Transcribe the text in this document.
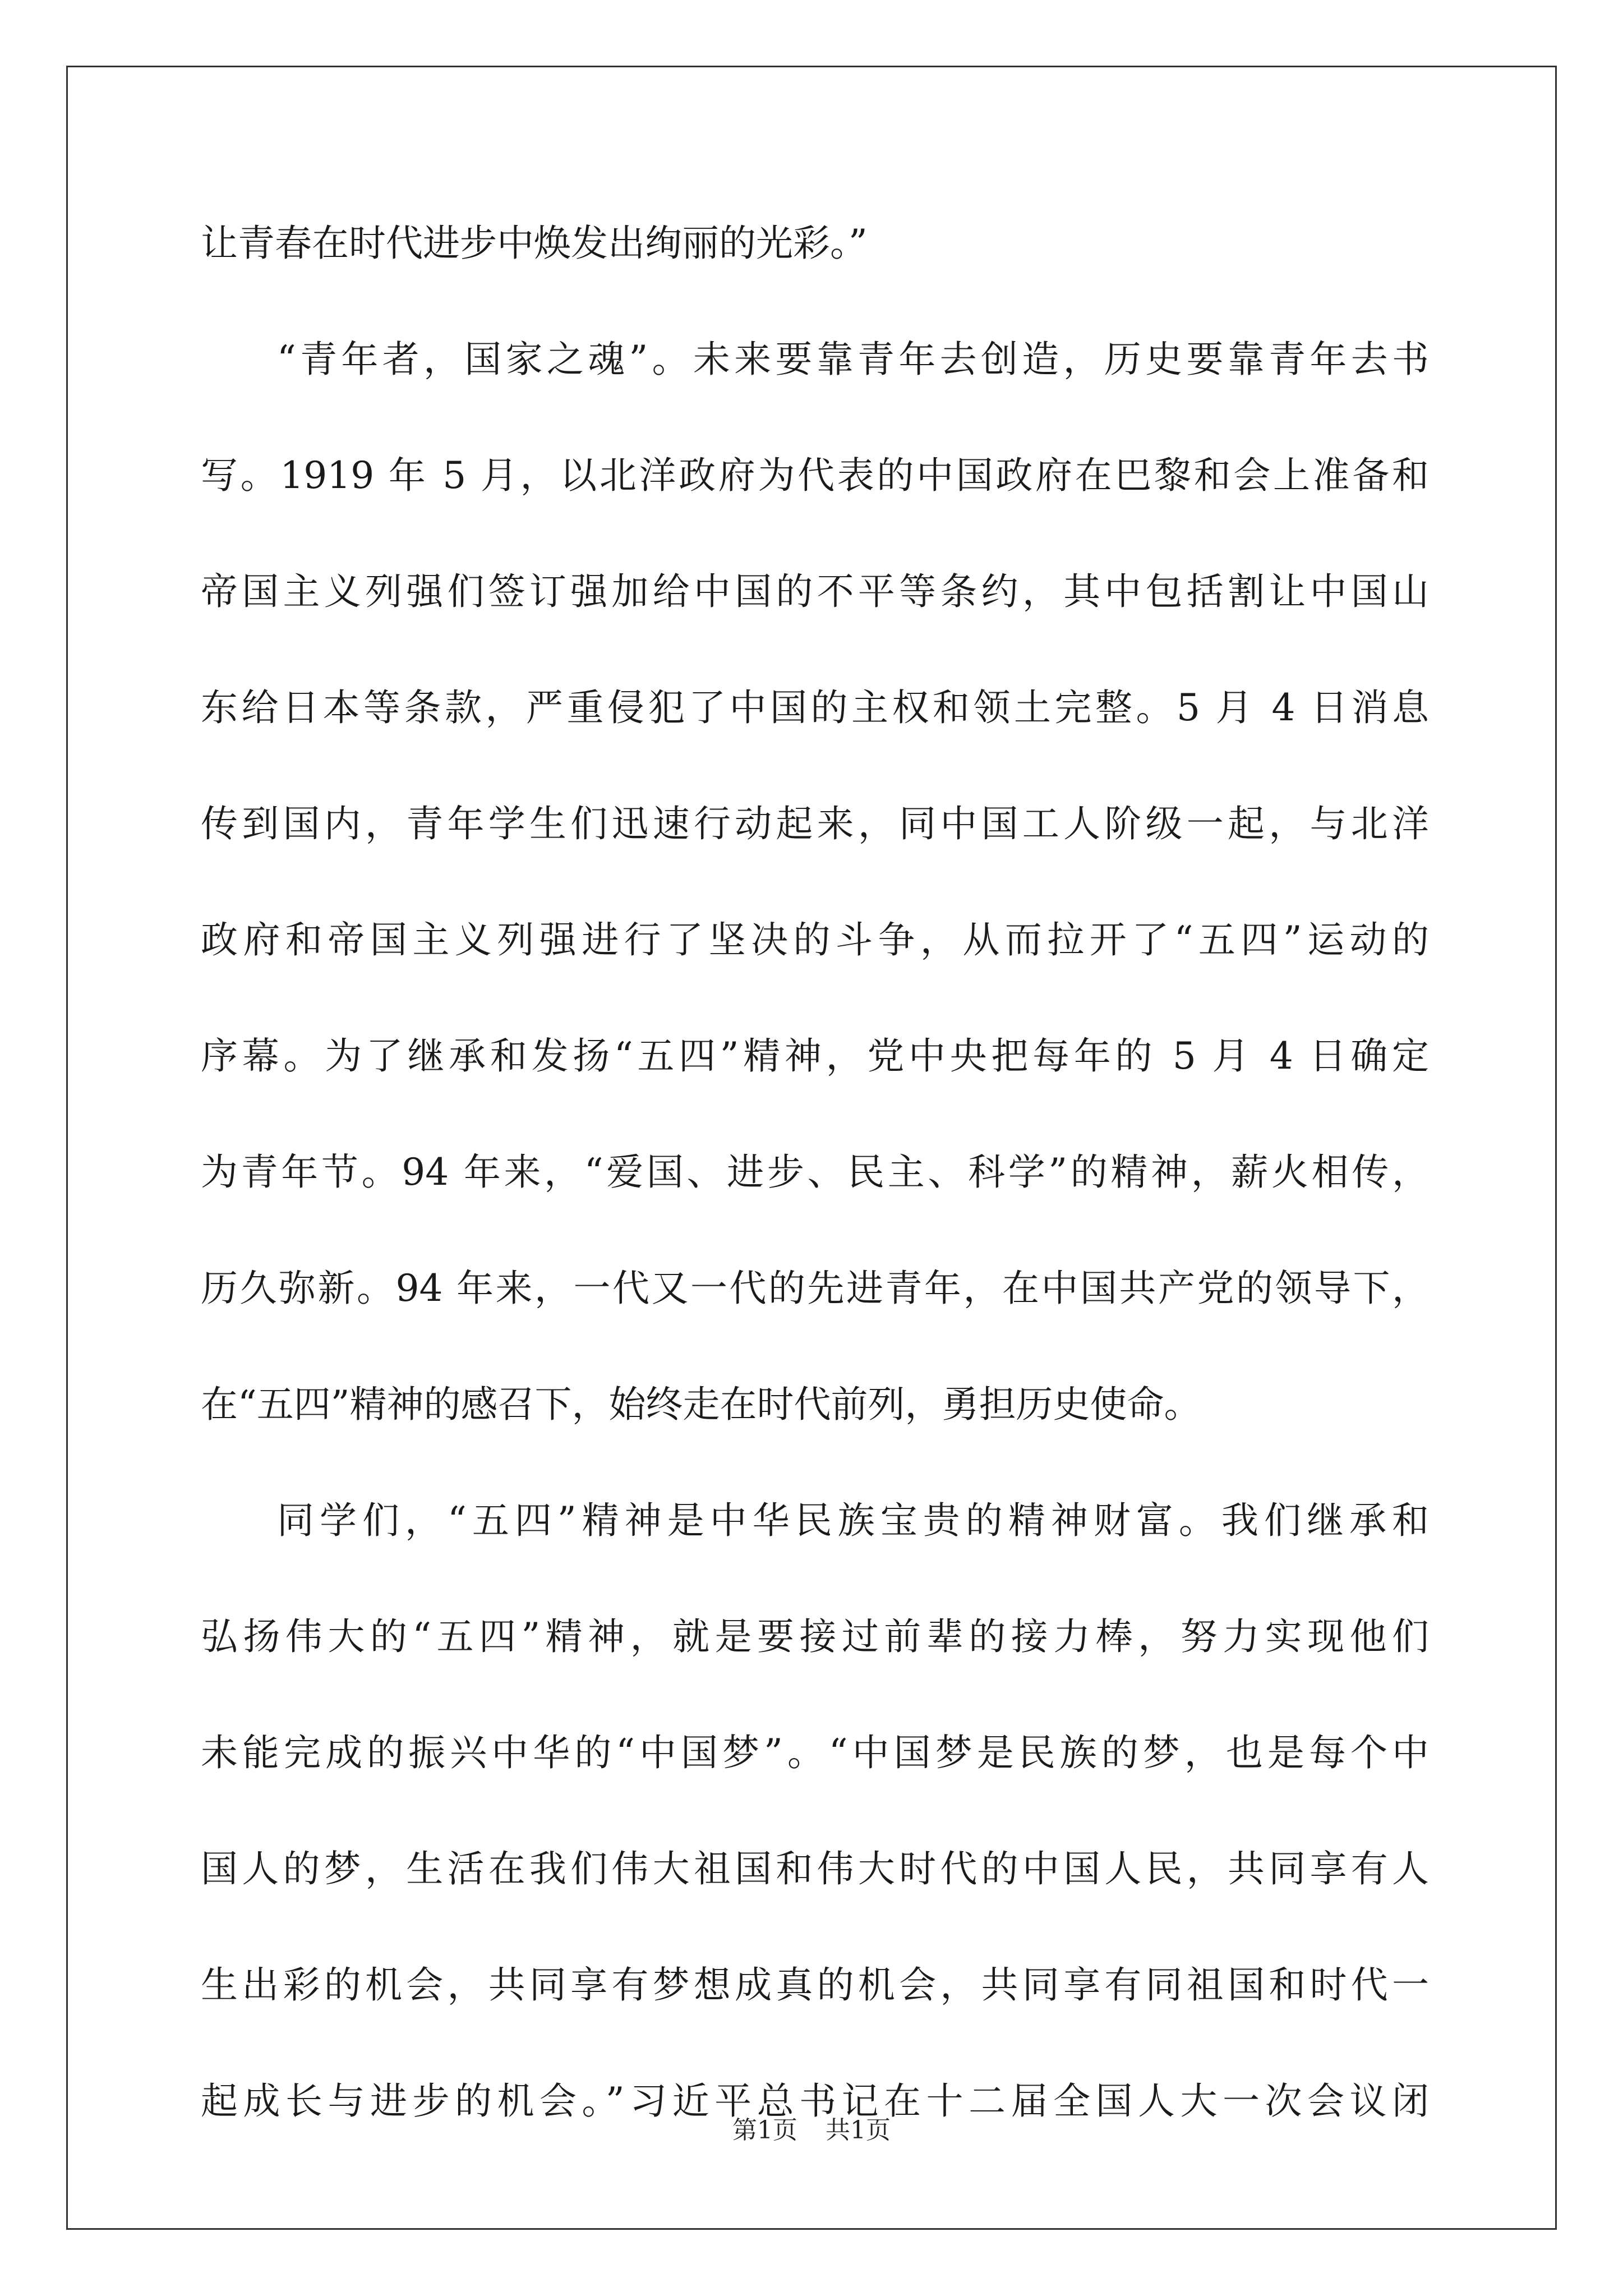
让青春在时代进步中焕发出绚丽的光彩。”
“青年者，国家之魂”。未来要靠青年去创造，历史要靠青年去书
写。1919 年 5 月，以北洋政府为代表的中国政府在巴黎和会上准备和
帝国主义列强们签订强加给中国的不平等条约，其中包括割让中国山
东给日本等条款，严重侵犯了中国的主权和领土完整。5 月 4 日消息
传到国内，青年学生们迅速行动起来，同中国工人阶级一起，与北洋
政府和帝国主义列强进行了坚决的斗争，从而拉开了“五四”运动的
序幕。为了继承和发扬“五四”精神，党中央把每年的 5 月 4 日确定
为青年节。94 年来，“爱国、进步、民主、科学”的精神，薪火相传，
历久弥新。94 年来，一代又一代的先进青年，在中国共产党的领导下，
在“五四”精神的感召下，始终走在时代前列，勇担历史使命。
同学们，“五四”精神是中华民族宝贵的精神财富。我们继承和
弘扬伟大的“五四”精神，就是要接过前辈的接力棒，努力实现他们
未能完成的振兴中华的“中国梦”。“中国梦是民族的梦，也是每个中
国人的梦，生活在我们伟大祖国和伟大时代的中国人民，共同享有人
生出彩的机会，共同享有梦想成真的机会，共同享有同祖国和时代一
起成长与进步的机会。”习近平总书记在十二届全国人大一次会议闭
第1页 共1页
